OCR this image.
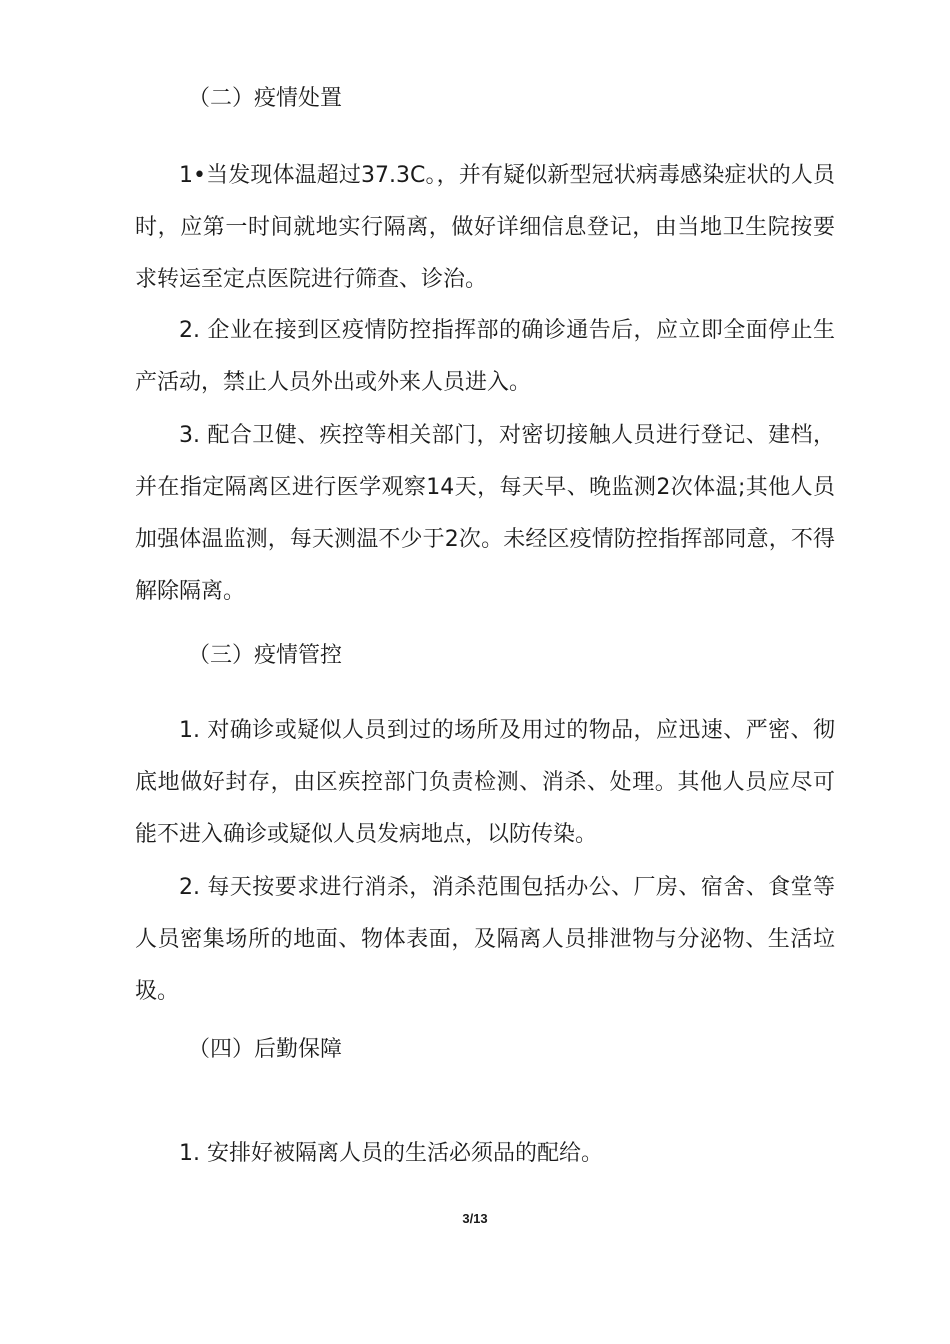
（二）疫情处置

1•当发现体温超过37.3C。，并有疑似新型冠状病毒感染症状的人员时，应第一时间就地实行隔离，做好详细信息登记，由当地卫生院按要求转运至定点医院进行筛查、诊治。

2. 企业在接到区疫情防控指挥部的确诊通告后，应立即全面停止生产活动，禁止人员外出或外来人员进入。

3. 配合卫健、疾控等相关部门，对密切接触人员进行登记、建档，并在指定隔离区进行医学观察14天，每天早、晚监测2次体温;其他人员加强体温监测，每天测温不少于2次。未经区疫情防控指挥部同意，不得解除隔离。

（三）疫情管控

1. 对确诊或疑似人员到过的场所及用过的物品，应迅速、严密、彻底地做好封存，由区疾控部门负责检测、消杀、处理。其他人员应尽可能不进入确诊或疑似人员发病地点，以防传染。

2. 每天按要求进行消杀，消杀范围包括办公、厂房、宿舍、食堂等人员密集场所的地面、物体表面，及隔离人员排泄物与分泌物、生活垃圾。

（四）后勤保障

1. 安排好被隔离人员的生活必须品的配给。

3/13
